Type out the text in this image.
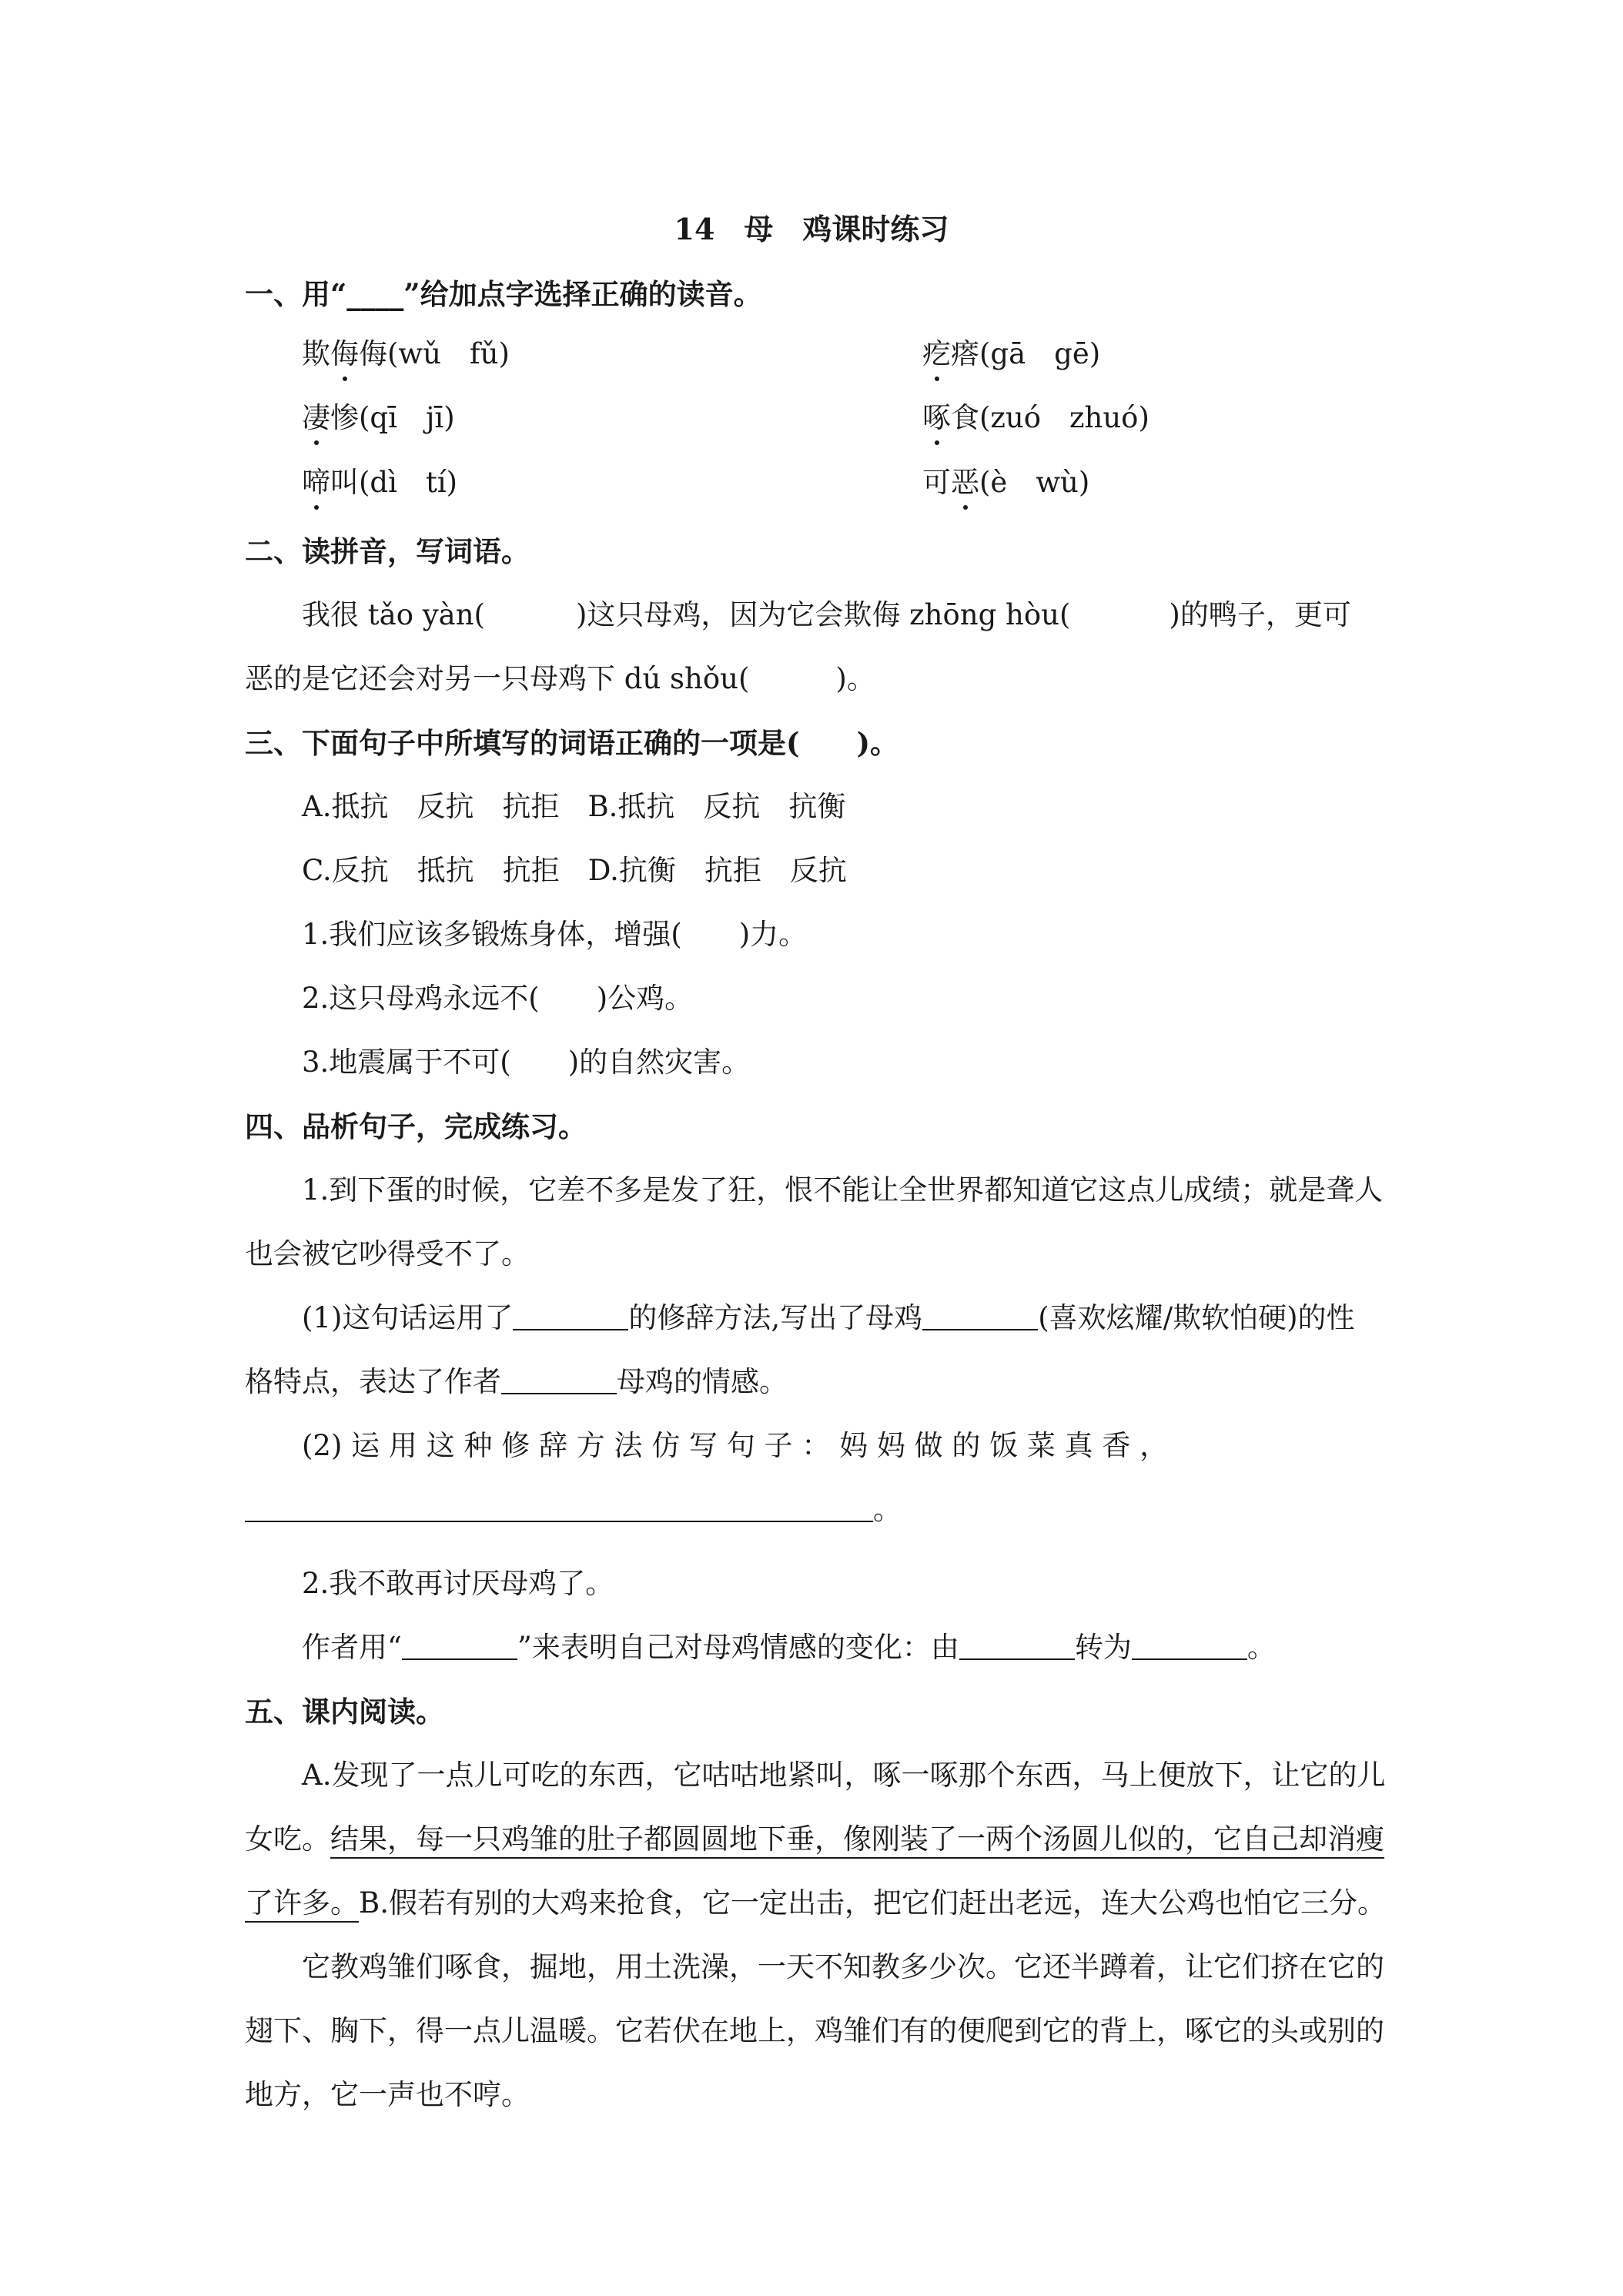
14　母　鸡课时练习
一、用“____”给加点字选择正确的读音。
欺侮侮(wǔ　fǔ)	疙瘩(gā　gē)
凄惨(qī　jī)	啄食(zuó　zhuó)
啼叫(dì　tí)	可恶(è　wù)
二、读拼音，写词语。
我很 tǎo yàn(	)这只母鸡，因为它会欺侮 zhōng hòu(	)的鸭子，更可
恶的是它还会对另一只母鸡下 dú shǒu(	)。
三、下面句子中所填写的词语正确的一项是(　　)。
A.抵抗　反抗　抗拒　B.抵抗　反抗　抗衡
C.反抗　抵抗　抗拒　D.抗衡　抗拒　反抗
1.我们应该多锻炼身体，增强(　　)力。
2.这只母鸡永远不(　　)公鸡。
3.地震属于不可(　　)的自然灾害。
四、品析句子，完成练习。
1.到下蛋的时候，它差不多是发了狂，恨不能让全世界都知道它这点儿成绩；就是聋人
也会被它吵得受不了。
(1)这句话运用了	的修辞方法,写出了母鸡	(喜欢炫耀/欺软怕硬)的性
格特点，表达了作者	母鸡的情感。
(2) 运 用 这 种 修 辞 方 法 仿 写 句 子 ： 妈 妈 做 的 饭 菜 真 香 ，
。
2.我不敢再讨厌母鸡了。
作者用“	”来表明自己对母鸡情感的变化：由	转为	。
五、课内阅读。
A.发现了一点儿可吃的东西，它咕咕地紧叫，啄一啄那个东西，马上便放下，让它的儿
女吃。结果，每一只鸡雏的肚子都圆圆地下垂，像刚装了一两个汤圆儿似的，它自己却消瘦
了许多。B.假若有别的大鸡来抢食，它一定出击，把它们赶出老远，连大公鸡也怕它三分。
它教鸡雏们啄食，掘地，用土洗澡，一天不知教多少次。它还半蹲着，让它们挤在它的
翅下、胸下，得一点儿温暖。它若伏在地上，鸡雏们有的便爬到它的背上，啄它的头或别的
地方，它一声也不哼。
